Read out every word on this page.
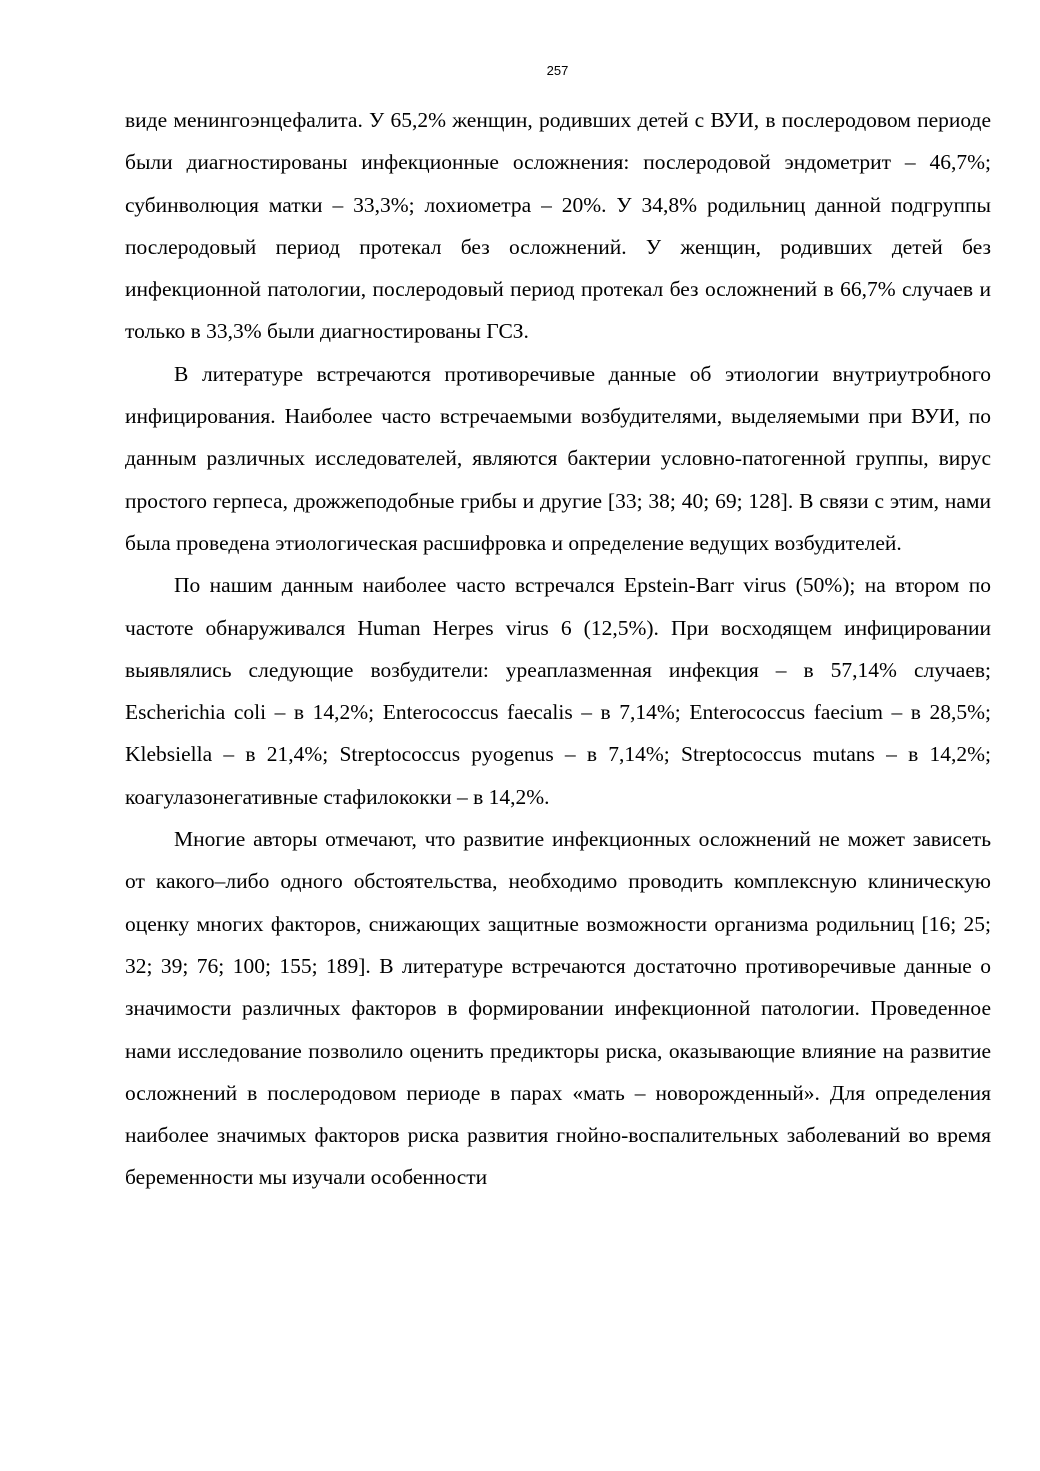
257

виде менингоэнцефалита. У 65,2% женщин, родивших детей с ВУИ, в послеродовом периоде были диагностированы инфекционные осложнения: послеродовой эндометрит – 46,7%; субинволюция матки – 33,3%; лохиометра – 20%. У 34,8% родильниц данной подгруппы послеродовый период протекал без осложнений. У женщин, родивших детей без инфекционной патологии, послеродовый период протекал без осложнений в 66,7% случаев и только в 33,3% были диагностированы ГСЗ.

В литературе встречаются противоречивые данные об этиологии внутриутробного инфицирования. Наиболее часто встречаемыми возбудителями, выделяемыми при ВУИ, по данным различных исследователей, являются бактерии условно-патогенной группы, вирус простого герпеса, дрожжеподобные грибы и другие [33; 38; 40; 69; 128]. В связи с этим, нами была проведена этиологическая расшифровка и определение ведущих возбудителей.

По нашим данным наиболее часто встречался Epstein-Barr virus (50%); на втором по частоте обнаруживался Human Herpes virus 6 (12,5%). При восходящем инфицировании выявлялись следующие возбудители: уреаплазменная инфекция – в 57,14% случаев; Escherichia coli – в 14,2%; Enterococcus faecalis – в 7,14%; Enterococcus faecium – в 28,5%; Klebsiella – в 21,4%; Streptococcus pyogenus – в 7,14%; Streptococcus mutans – в 14,2%; коагулазонегативные стафилококки – в 14,2%.

Многие авторы отмечают, что развитие инфекционных осложнений не может зависеть от какого–либо одного обстоятельства, необходимо проводить комплексную клиническую оценку многих факторов, снижающих защитные возможности организма родильниц [16; 25; 32; 39; 76; 100; 155; 189]. В литературе встречаются достаточно противоречивые данные о значимости различных факторов в формировании инфекционной патологии. Проведенное нами исследование позволило оценить предикторы риска, оказывающие влияние на развитие осложнений в послеродовом периоде в парах «мать – новорожденный». Для определения наиболее значимых факторов риска развития гнойно-воспалительных заболеваний во время беременности мы изучали особенности
